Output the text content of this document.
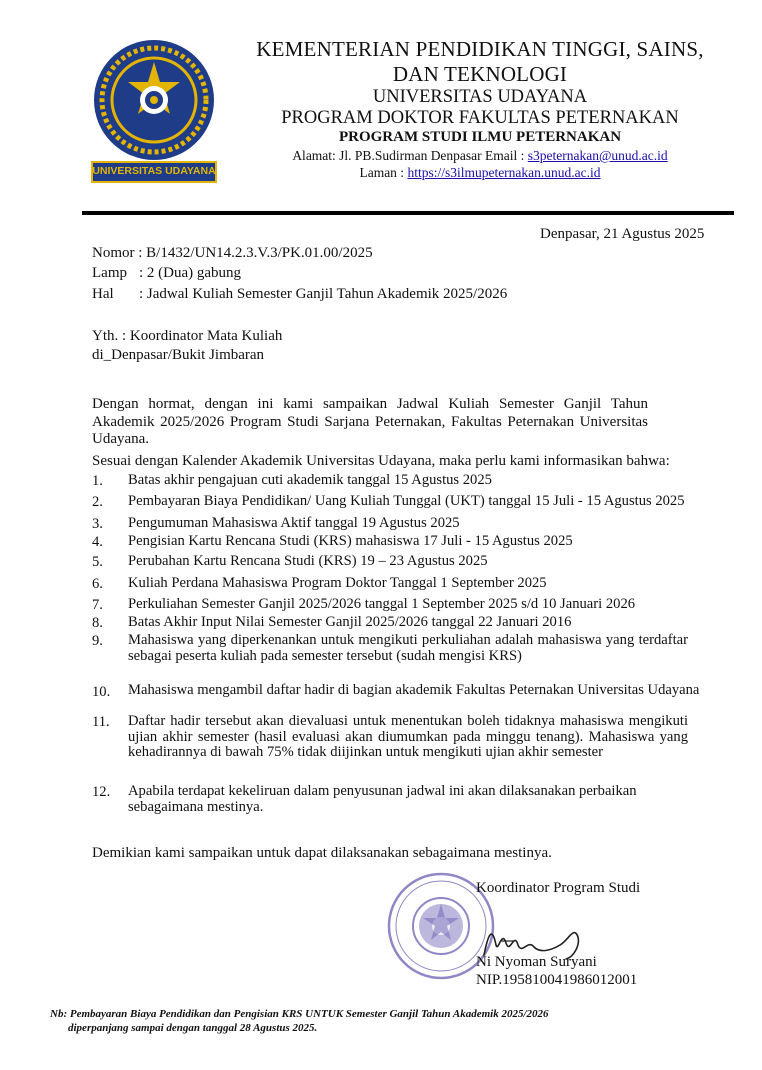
UNIVERSITAS UDAYANA
KEMENTERIAN PENDIDIKAN TINGGI, SAINS,
DAN TEKNOLOGI
UNIVERSITAS UDAYANA
PROGRAM DOKTOR FAKULTAS PETERNAKAN
PROGRAM STUDI ILMU PETERNAKAN
Alamat: Jl. PB.Sudirman Denpasar Email : s3peternakan@unud.ac.id
Laman : https://s3ilmupeternakan.unud.ac.id
Denpasar, 21 Agustus 2025
Nomor : B/1432/UN14.2.3.V.3/PK.01.00/2025
Lamp : 2 (Dua) gabung
Hal : Jadwal Kuliah Semester Ganjil Tahun Akademik 2025/2026
Yth. : Koordinator Mata Kuliah
di_Denpasar/Bukit Jimbaran
Dengan hormat, dengan ini kami sampaikan Jadwal Kuliah Semester Ganjil Tahun Akademik 2025/2026 Program Studi Sarjana Peternakan, Fakultas Peternakan Universitas Udayana.
Sesuai dengan Kalender Akademik Universitas Udayana, maka perlu kami informasikan bahwa:
1.	Batas akhir pengajuan cuti akademik tanggal 15 Agustus 2025
2.	Pembayaran Biaya Pendidikan/ Uang Kuliah Tunggal (UKT) tanggal 15 Juli - 15 Agustus 2025
3.	Pengumuman Mahasiswa Aktif tanggal 19 Agustus 2025
4.	Pengisian Kartu Rencana Studi (KRS) mahasiswa 17 Juli - 15 Agustus 2025
5.	Perubahan Kartu Rencana Studi (KRS) 19 – 23 Agustus 2025
6.	Kuliah Perdana Mahasiswa Program Doktor Tanggal 1 September 2025
7.	Perkuliahan Semester Ganjil 2025/2026 tanggal 1 September 2025 s/d 10 Januari 2026
8.	Batas Akhir Input Nilai Semester Ganjil 2025/2026 tanggal 22 Januari 2016
9.	Mahasiswa yang diperkenankan untuk mengikuti perkuliahan adalah mahasiswa yang terdaftar sebagai peserta kuliah pada semester tersebut (sudah mengisi KRS)
10.	Mahasiswa mengambil daftar hadir di bagian akademik Fakultas Peternakan Universitas Udayana
11.	Daftar hadir tersebut akan dievaluasi untuk menentukan boleh tidaknya mahasiswa mengikuti ujian akhir semester (hasil evaluasi akan diumumkan pada minggu tenang). Mahasiswa yang kehadirannya di bawah 75% tidak diijinkan untuk mengikuti ujian akhir semester
12.	Apabila terdapat kekeliruan dalam penyusunan jadwal ini akan dilaksanakan perbaikan sebagaimana mestinya.
Demikian kami sampaikan untuk dapat dilaksanakan sebagaimana mestinya.
Koordinator Program Studi
Ni Nyoman Suryani
NIP.195810041986012001
Nb: Pembayaran Biaya Pendidikan dan Pengisian KRS UNTUK Semester Ganjil Tahun Akademik 2025/2026
diperpanjang sampai dengan tanggal 28 Agustus 2025.
